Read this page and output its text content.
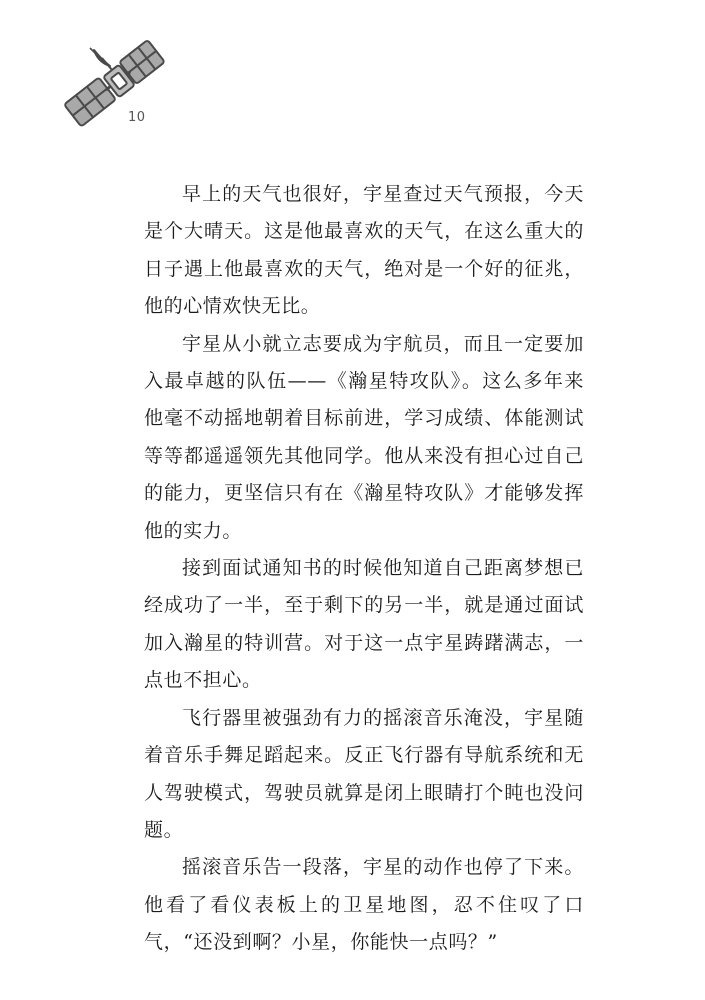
10

早上的天气也很好，宇星查过天气预报，今天是个大晴天。这是他最喜欢的天气，在这么重大的日子遇上他最喜欢的天气，绝对是一个好的征兆，他的心情欢快无比。

宇星从小就立志要成为宇航员，而且一定要加入最卓越的队伍——《瀚星特攻队》。这么多年来他毫不动摇地朝着目标前进，学习成绩、体能测试等等都遥遥领先其他同学。他从来没有担心过自己的能力，更坚信只有在《瀚星特攻队》才能够发挥他的实力。

接到面试通知书的时候他知道自己距离梦想已经成功了一半，至于剩下的另一半，就是通过面试加入瀚星的特训营。对于这一点宇星踌躇满志，一点也不担心。

飞行器里被强劲有力的摇滚音乐淹没，宇星随着音乐手舞足蹈起来。反正飞行器有导航系统和无人驾驶模式，驾驶员就算是闭上眼睛打个盹也没问题。

摇滚音乐告一段落，宇星的动作也停了下来。他看了看仪表板上的卫星地图，忍不住叹了口气，“还没到啊？小星，你能快一点吗？”
